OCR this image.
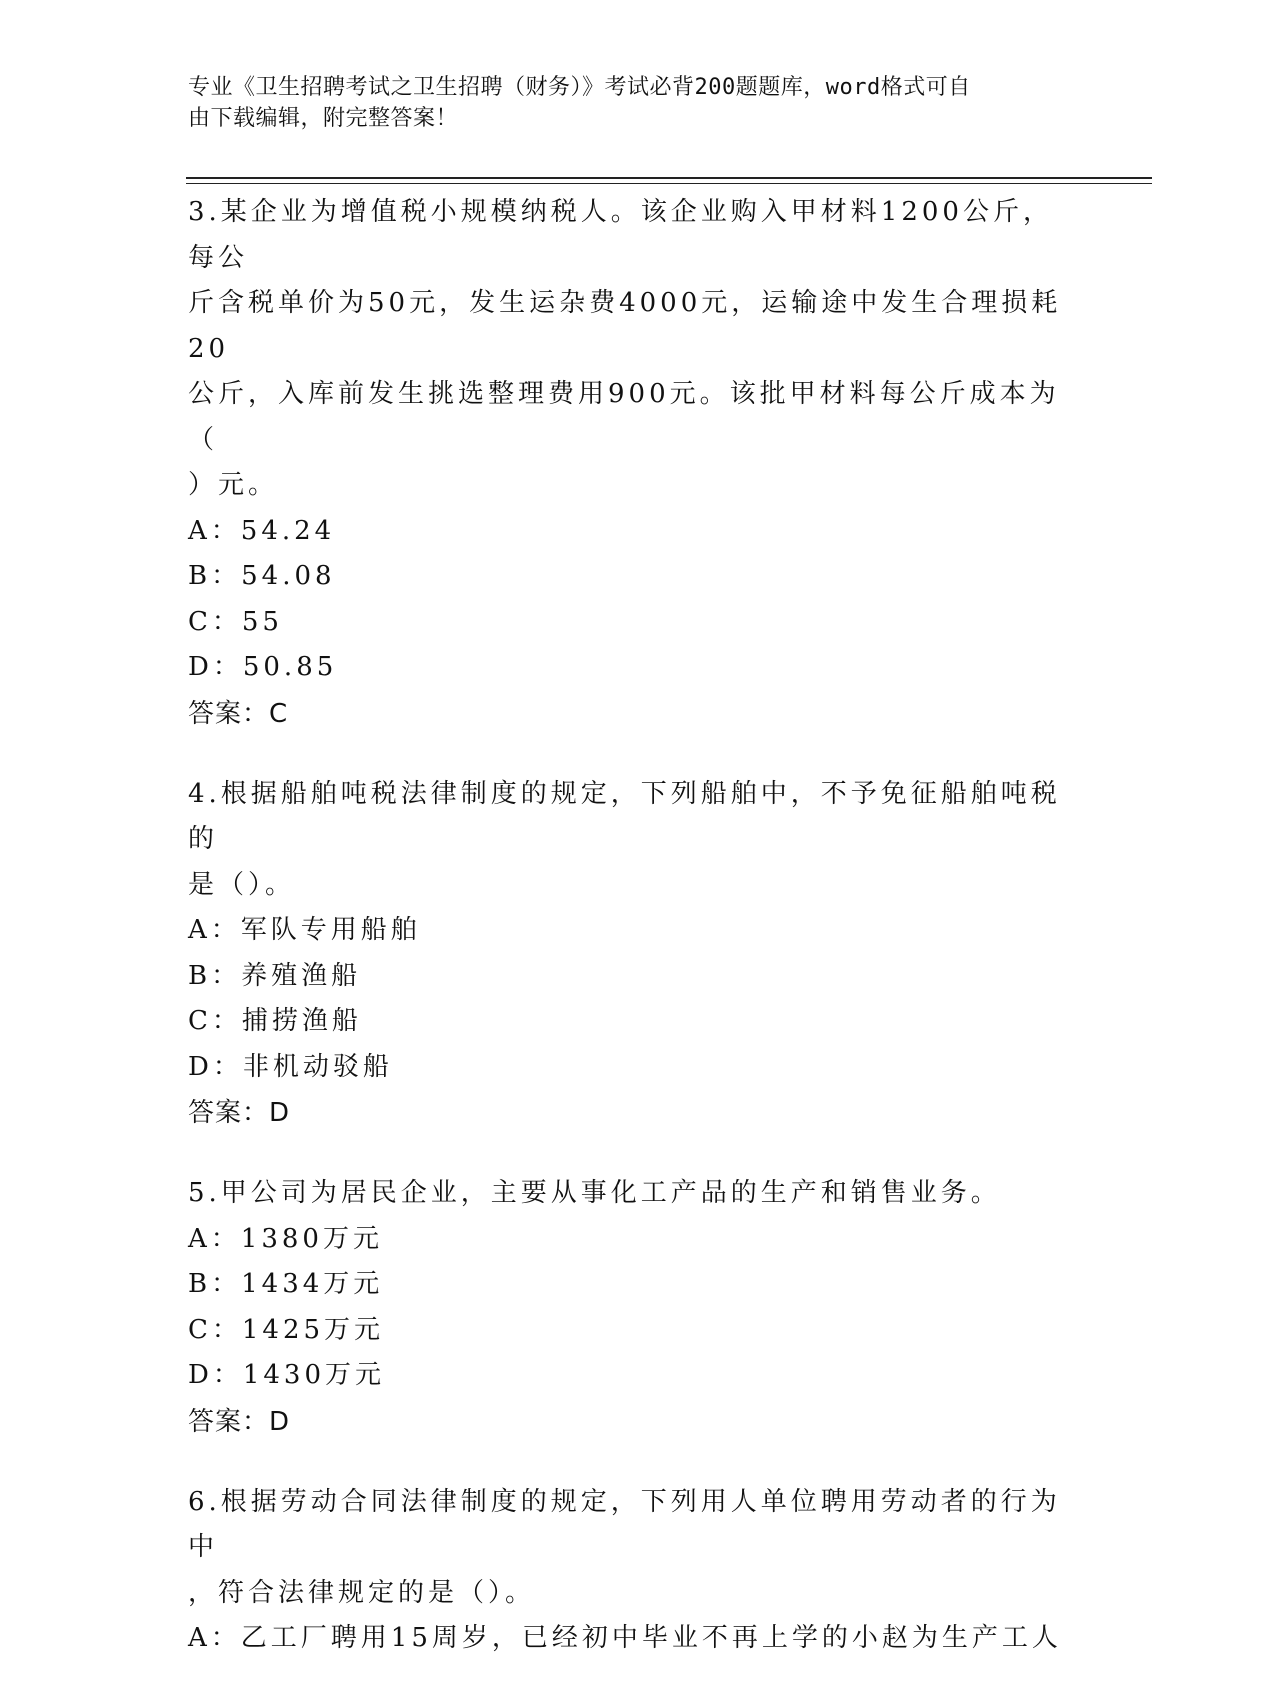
专业《卫生招聘考试之卫生招聘（财务）》考试必背200题题库，word格式可自
由下载编辑，附完整答案！

3.某企业为增值税小规模纳税人。该企业购入甲材料1200公斤，每公

斤含税单价为50元，发生运杂费4000元，运输途中发生合理损耗20

公斤，入库前发生挑选整理费用900元。该批甲材料每公斤成本为（

）元。

A：54.24

B：54.08

C：55

D：50.85

答案：C

4.根据船舶吨税法律制度的规定，下列船舶中，不予免征船舶吨税的

是（）。

A：军队专用船舶

B：养殖渔船

C：捕捞渔船

D：非机动驳船

答案：D

5.甲公司为居民企业，主要从事化工产品的生产和销售业务。

A：1380万元

B：1434万元

C：1425万元

D：1430万元

答案：D

6.根据劳动合同法律制度的规定，下列用人单位聘用劳动者的行为中

，符合法律规定的是（）。

A：乙工厂聘用15周岁，已经初中毕业不再上学的小赵为生产工人
